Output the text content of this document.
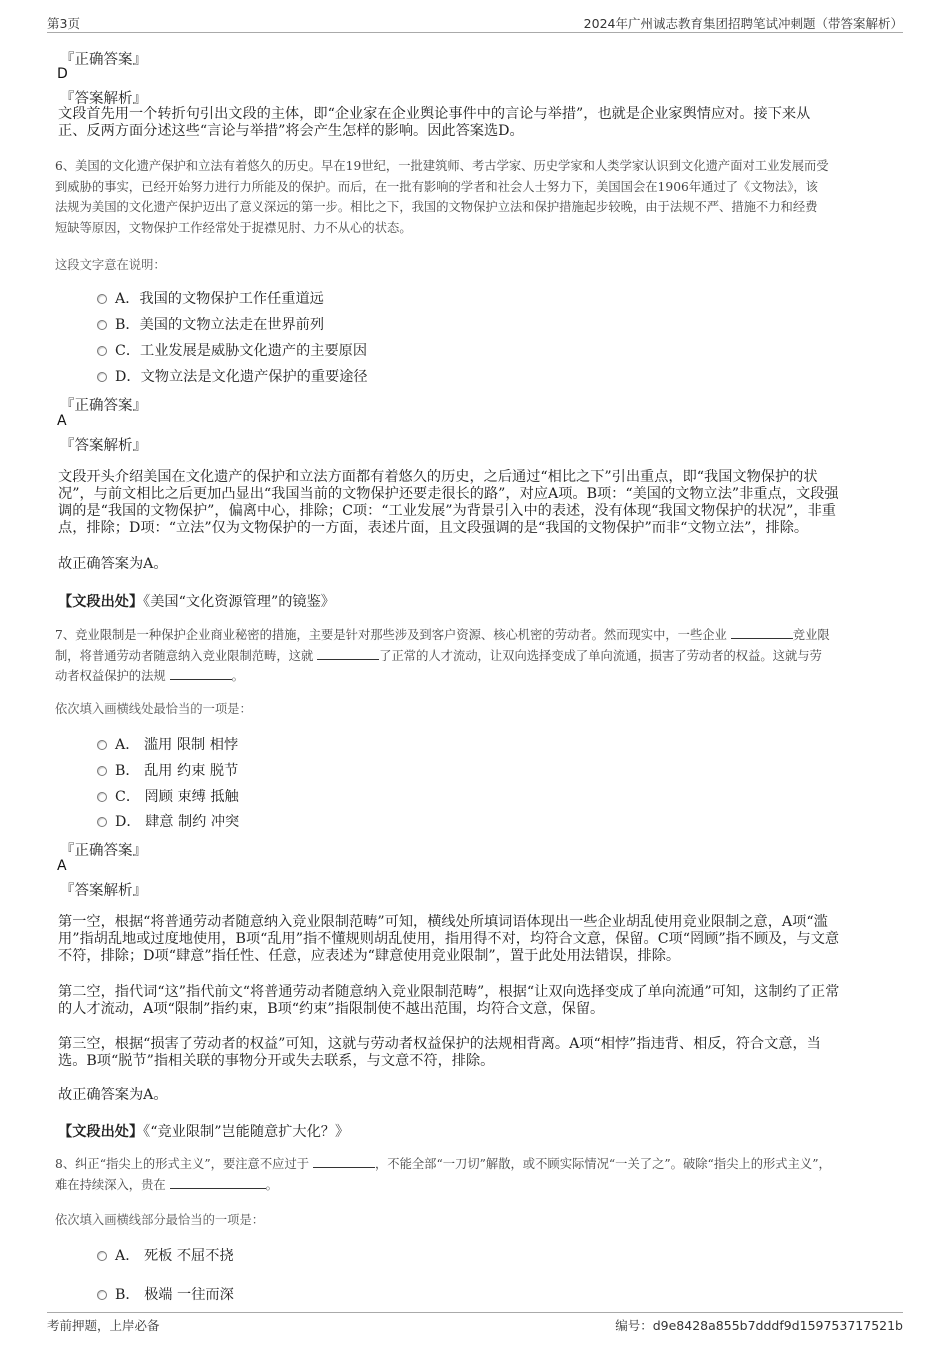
第3页	2024年广州诚志教育集团招聘笔试冲刺题（带答案解析）
『正确答案』
D
『答案解析』
文段首先用一个转折句引出文段的主体，即“企业家在企业舆论事件中的言论与举措”，也就是企业家舆情应对。接下来从
正、反两方面分述这些“言论与举措”将会产生怎样的影响。因此答案选D。
6、美国的文化遗产保护和立法有着悠久的历史。早在19世纪，一批建筑师、考古学家、历史学家和人类学家认识到文化遗产面对工业发展而受
到威胁的事实，已经开始努力进行力所能及的保护。而后，在一批有影响的学者和社会人士努力下，美国国会在1906年通过了《文物法》，该
法规为美国的文化遗产保护迈出了意义深远的第一步。相比之下，我国的文物保护立法和保护措施起步较晚，由于法规不严、措施不力和经费
短缺等原因，文物保护工作经常处于捉襟见肘、力不从心的状态。
这段文字意在说明：
A．我国的文物保护工作任重道远
B．美国的文物立法走在世界前列
C．工业发展是威胁文化遗产的主要原因
D．文物立法是文化遗产保护的重要途径
『正确答案』
A
『答案解析』
文段开头介绍美国在文化遗产的保护和立法方面都有着悠久的历史，之后通过“相比之下”引出重点，即“我国文物保护的状
况”，与前文相比之后更加凸显出“我国当前的文物保护还要走很长的路”，对应A项。B项：“美国的文物立法”非重点，文段强
调的是“我国的文物保护”，偏离中心，排除；C项：“工业发展”为背景引入中的表述，没有体现“我国文物保护的状况”，非重
点，排除；D项：“立法”仅为文物保护的一方面，表述片面，且文段强调的是“我国的文物保护”而非“文物立法”，排除。
故正确答案为A。
【文段出处】《美国“文化资源管理”的镜鉴》
7、竞业限制是一种保护企业商业秘密的措施，主要是针对那些涉及到客户资源、核心机密的劳动者。然而现实中，一些企业	竞业限
制，将普通劳动者随意纳入竞业限制范畴，这就	了正常的人才流动，让双向选择变成了单向流通，损害了劳动者的权益。这就与劳
动者权益保护的法规	。
依次填入画横线处最恰当的一项是：
A． 滥用 限制 相悖
B． 乱用 约束 脱节
C． 罔顾 束缚 抵触
D． 肆意 制约 冲突
『正确答案』
A
『答案解析』
第一空，根据“将普通劳动者随意纳入竞业限制范畴”可知，横线处所填词语体现出一些企业胡乱使用竞业限制之意，A项“滥
用”指胡乱地或过度地使用，B项“乱用”指不懂规则胡乱使用，指用得不对，均符合文意，保留。C项“罔顾”指不顾及，与文意
不符，排除；D项“肆意”指任性、任意，应表述为“肆意使用竞业限制”，置于此处用法错误，排除。
第二空，指代词“这”指代前文“将普通劳动者随意纳入竞业限制范畴”，根据“让双向选择变成了单向流通”可知，这制约了正常
的人才流动，A项“限制”指约束，B项“约束”指限制使不越出范围，均符合文意，保留。
第三空，根据“损害了劳动者的权益”可知，这就与劳动者权益保护的法规相背离。A项“相悖”指违背、相反，符合文意，当
选。B项“脱节”指相关联的事物分开或失去联系，与文意不符，排除。
故正确答案为A。
【文段出处】《“竞业限制”岂能随意扩大化？》
8、纠正“指尖上的形式主义”，要注意不应过于	，不能全部“一刀切”解散，或不顾实际情况“一关了之”。破除“指尖上的形式主义”，
难在持续深入，贵在	。
依次填入画横线部分最恰当的一项是：
A． 死板 不屈不挠
B． 极端 一往而深
考前押题，上岸必备	编号：d9e8428a855b7dddf9d159753717521b
